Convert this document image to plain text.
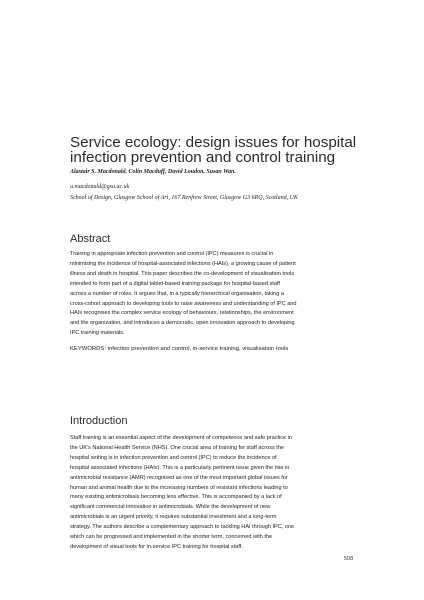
Service ecology: design issues for hospital
infection prevention and control training
Alastair S. Macdonald, Colin Macduff, David Loudon, Susan Wan.
a.macdonald@gsa.ac.uk
School of Design, Glasgow School of Art, 167 Renfrew Street, Glasgow G3 6RQ, Scotland, UK
Abstract
Training in appropriate infection prevention and control (IPC) measures is crucial in
minimising the incidence of hospital-associated infections (HAIs), a growing cause of patient
illness and death in hospital. This paper describes the co-development of visualisation tools
intended to form part of a digital tablet-based training package for hospital-based staff
across a number of roles. It argues that, in a typically hierarchical organisation, taking a
cross-cohort approach to developing tools to raise awareness and understanding of IPC and
HAIs recognises the complex service ecology of behaviours, relationships, the environment
and the organization, and introduces a democratic, open innovation approach to developing
IPC training materials.
KEYWORDS: infection prevention and control, in-service training, visualisation tools
Introduction
Staff training is an essential aspect of the development of competence and safe practice in
the UK's National Health Service (NHS). One crucial area of training for staff across the
hospital setting is in infection prevention and control (IPC) to reduce the incidence of
hospital associated infections (HAIs). This is a particularly pertinent issue given the rise in
antimicrobial resistance (AMR) recognised as one of the most important global issues for
human and animal health due to the increasing numbers of resistant infections leading to
many existing antimicrobials becoming less effective. This is accompanied by a lack of
significant commercial innovation in antimicrobials. While the development of new
antimicrobials is an urgent priority, it requires substantial investment and a long-term
strategy. The authors describe a complementary approach to tackling HAI through IPC, one
which can be progressed and implemented in the shorter term, concerned with the
development of visual tools for in-service IPC training for hospital staff.
508
